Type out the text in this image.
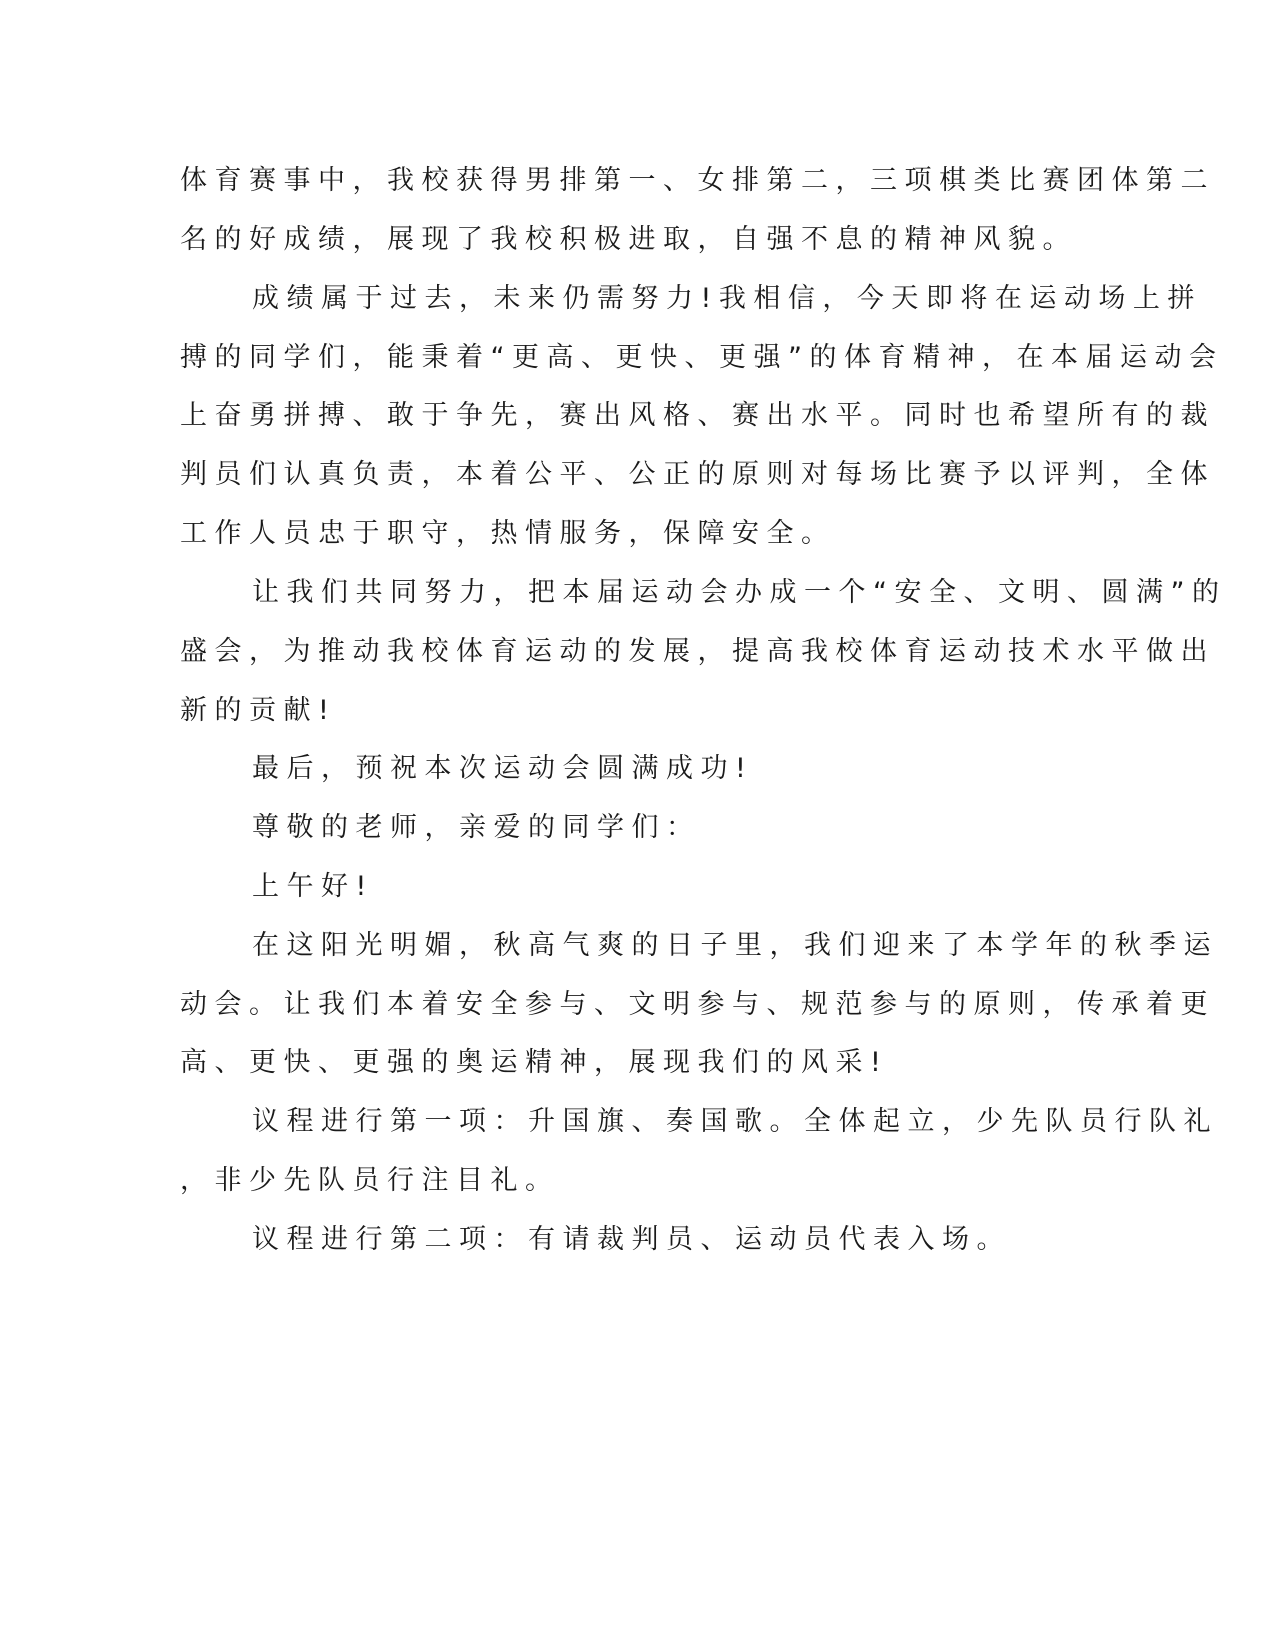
体育赛事中，我校获得男排第一、女排第二，三项棋类比赛团体第二

名的好成绩，展现了我校积极进取，自强不息的精神风貌。

成绩属于过去，未来仍需努力!我相信，今天即将在运动场上拼

搏的同学们，能秉着“更高、更快、更强”的体育精神，在本届运动会

上奋勇拼搏、敢于争先，赛出风格、赛出水平。同时也希望所有的裁

判员们认真负责，本着公平、公正的原则对每场比赛予以评判，全体

工作人员忠于职守，热情服务，保障安全。

让我们共同努力，把本届运动会办成一个“安全、文明、圆满”的

盛会，为推动我校体育运动的发展，提高我校体育运动技术水平做出

新的贡献!

最后，预祝本次运动会圆满成功!

尊敬的老师，亲爱的同学们：

上午好!

在这阳光明媚，秋高气爽的日子里，我们迎来了本学年的秋季运

动会。让我们本着安全参与、文明参与、规范参与的原则，传承着更

高、更快、更强的奥运精神，展现我们的风采!

议程进行第一项：升国旗、奏国歌。全体起立，少先队员行队礼

，非少先队员行注目礼。

议程进行第二项：有请裁判员、运动员代表入场。
